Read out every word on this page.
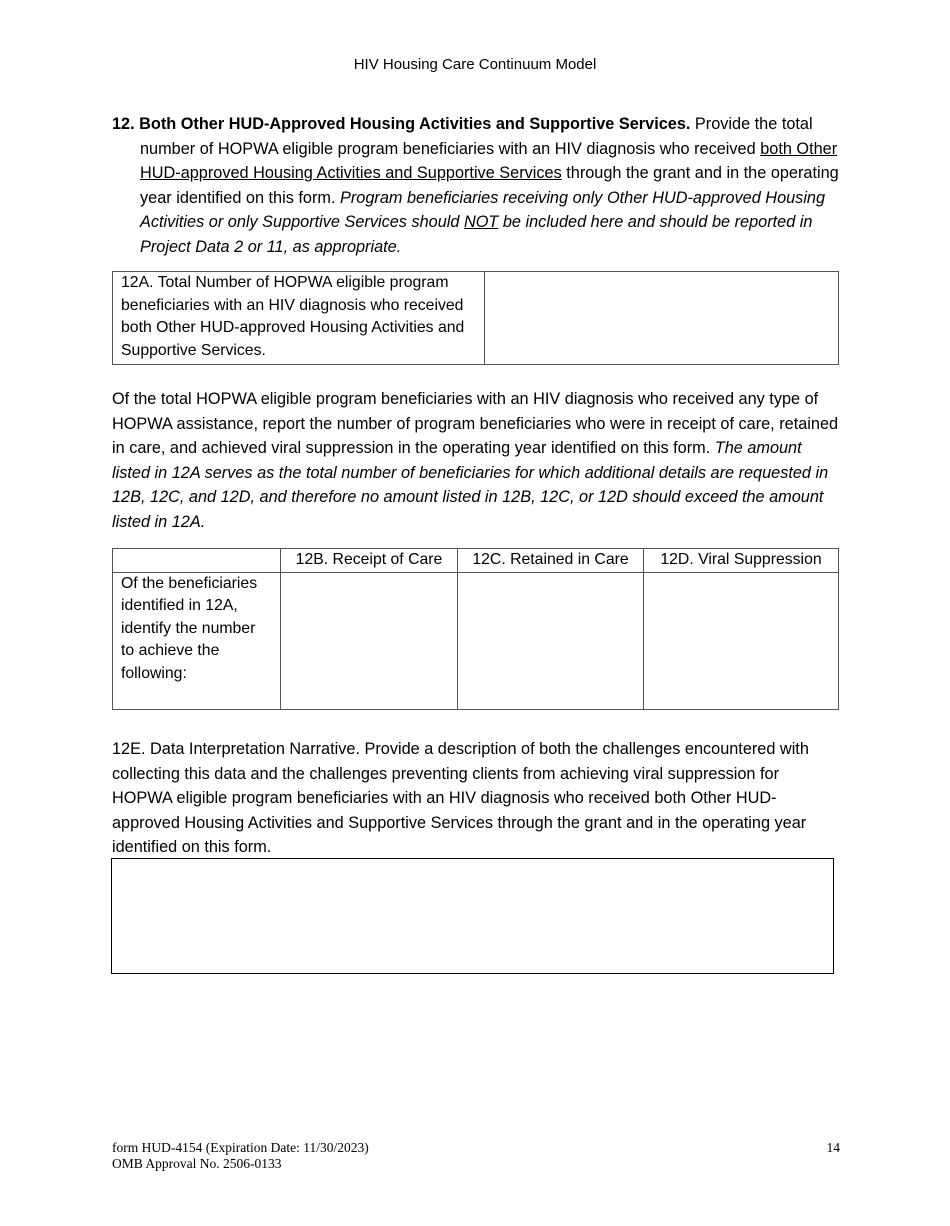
HIV Housing Care Continuum Model
12. Both Other HUD-Approved Housing Activities and Supportive Services. Provide the total number of HOPWA eligible program beneficiaries with an HIV diagnosis who received both Other HUD-approved Housing Activities and Supportive Services through the grant and in the operating year identified on this form. Program beneficiaries receiving only Other HUD-approved Housing Activities or only Supportive Services should NOT be included here and should be reported in Project Data 2 or 11, as appropriate.
12A. Total Number of HOPWA eligible program beneficiaries with an HIV diagnosis who received both Other HUD-approved Housing Activities and Supportive Services.	
Of the total HOPWA eligible program beneficiaries with an HIV diagnosis who received any type of HOPWA assistance, report the number of program beneficiaries who were in receipt of care, retained in care, and achieved viral suppression in the operating year identified on this form. The amount listed in 12A serves as the total number of beneficiaries for which additional details are requested in 12B, 12C, and 12D, and therefore no amount listed in 12B, 12C, or 12D should exceed the amount listed in 12A.
	12B. Receipt of Care	12C. Retained in Care	12D. Viral Suppression
Of the beneficiaries identified in 12A, identify the number to achieve the following:			
12E. Data Interpretation Narrative. Provide a description of both the challenges encountered with collecting this data and the challenges preventing clients from achieving viral suppression for HOPWA eligible program beneficiaries with an HIV diagnosis who received both Other HUD-approved Housing Activities and Supportive Services through the grant and in the operating year identified on this form.
form HUD-4154 (Expiration Date: 11/30/2023)
OMB Approval No. 2506-0133
14
